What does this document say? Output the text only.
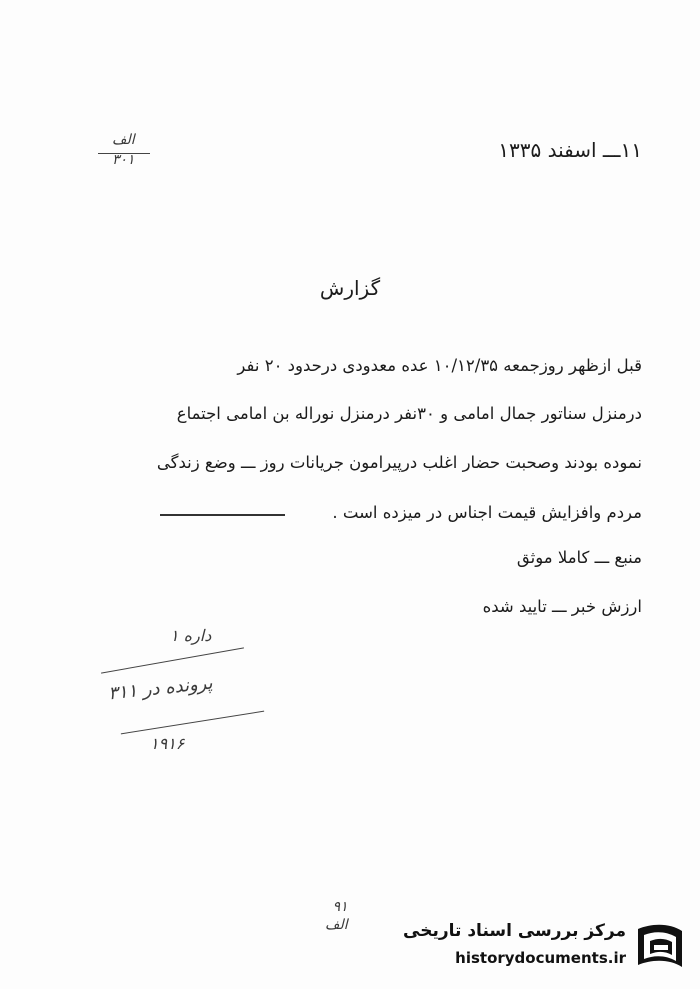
۱۱ـــ اسفند ۱۳۳۵
الف
۳۰۱
گزارش
قبل ازظهر روزجمعه ۱۰/۱۲/۳۵ عده معدودی درحدود ۲۰ نفر
درمنزل سناتور جمال امامی و ۳۰نفر درمنزل نوراله بن امامی اجتماع
نموده بودند وصحبت حضار اغلب درپیرامون جریانات روز ـــ وضع زندگی
مردم وافزایش قیمت اجناس در میزده است .
منبع ـــ کاملا موثق
ارزش خبر ـــ تایید شده
داره ۱
پرونده در ۳۱۱
۱۹۱۶
۹۱
الف	مرکز بررسی اسناد تاریخی
historydocuments.ir
